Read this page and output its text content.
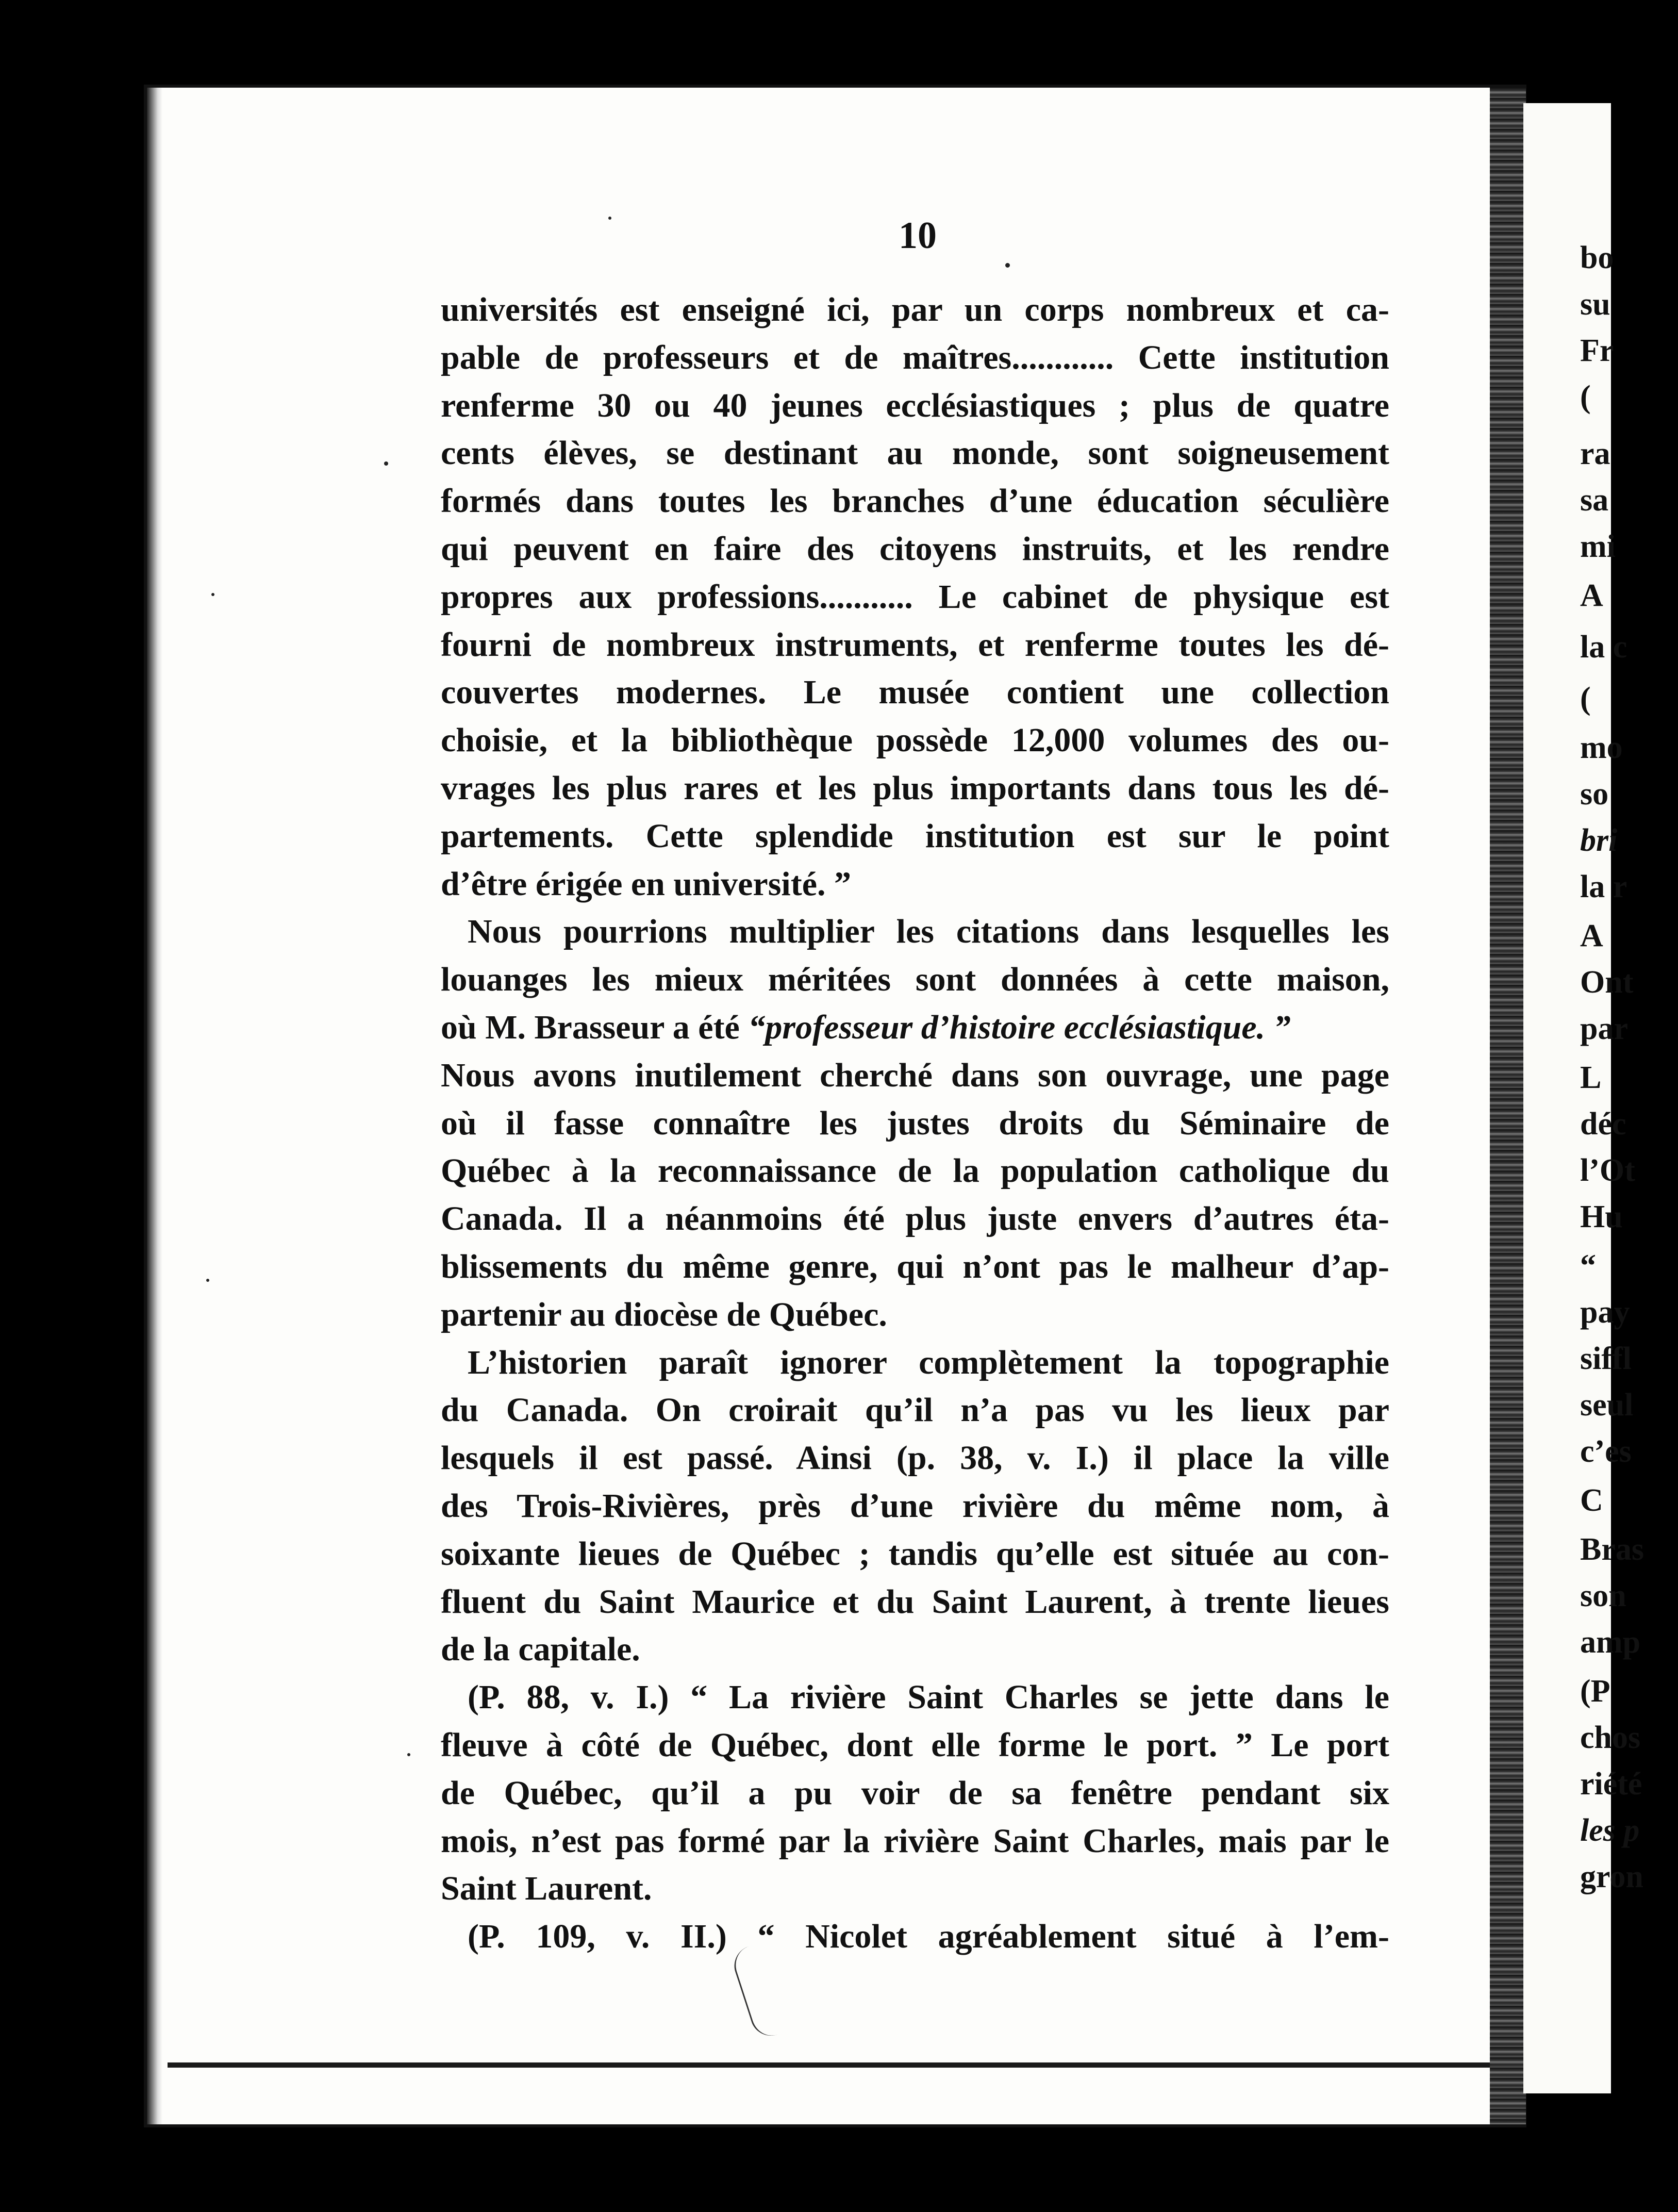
bo
su
Fr
(
ra
sa
mi
A
la c
(
mo
so
bri
la r
A
Ont
par
L
déc
l’Ot
Hu
“
pay
siffl
seul
c’es
C
Bras
son
amp
(P
chos
riété
les p
gron
10
universités est enseigné ici, par un corps nombreux et ca-
pable de professeurs et de maîtres............ Cette institution
renferme 30 ou 40 jeunes ecclésiastiques ; plus de quatre
cents élèves, se destinant au monde, sont soigneusement
formés dans toutes les branches d’une éducation séculière
qui peuvent en faire des citoyens instruits, et les rendre
propres aux professions........... Le cabinet de physique est
fourni de nombreux instruments, et renferme toutes les dé-
couvertes modernes. Le musée contient une collection
choisie, et la bibliothèque possède 12,000 volumes des ou-
vrages les plus rares et les plus importants dans tous les dé-
partements. Cette splendide institution est sur le point
d’être érigée en université. ”
Nous pourrions multiplier les citations dans lesquelles les
louanges les mieux méritées sont données à cette maison,
où M. Brasseur a été “professeur d’histoire ecclésiastique. ”
Nous avons inutilement cherché dans son ouvrage, une page
où il fasse connaître les justes droits du Séminaire de
Québec à la reconnaissance de la population catholique du
Canada. Il a néanmoins été plus juste envers d’autres éta-
blissements du même genre, qui n’ont pas le malheur d’ap-
partenir au diocèse de Québec.
L’historien paraît ignorer complètement la topographie
du Canada. On croirait qu’il n’a pas vu les lieux par
lesquels il est passé. Ainsi (p. 38, v. I.) il place la ville
des Trois-Rivières, près d’une rivière du même nom, à
soixante lieues de Québec ; tandis qu’elle est située au con-
fluent du Saint Maurice et du Saint Laurent, à trente lieues
de la capitale.
(P. 88, v. I.) “ La rivière Saint Charles se jette dans le
fleuve à côté de Québec, dont elle forme le port. ” Le port
de Québec, qu’il a pu voir de sa fenêtre pendant six
mois, n’est pas formé par la rivière Saint Charles, mais par le
Saint Laurent.
(P. 109, v. II.) “ Nicolet agréablement situé à l’em-
